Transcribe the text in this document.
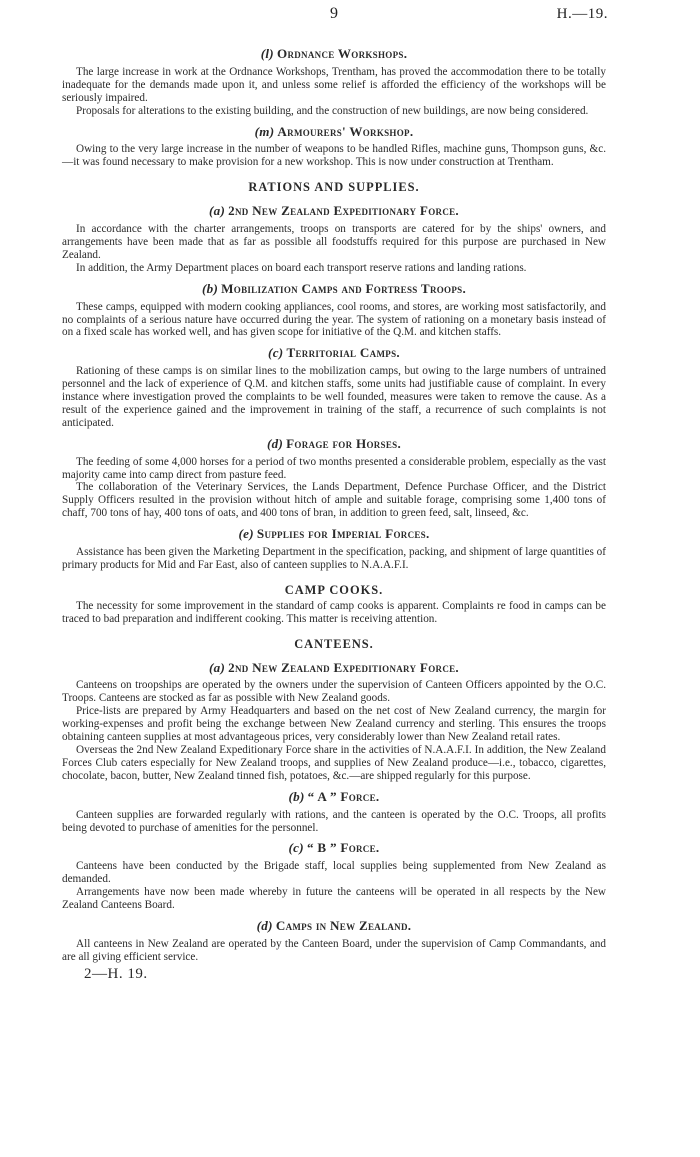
9	H.—19.
(l) Ordnance Workshops.

The large increase in work at the Ordnance Workshops, Trentham, has proved the accommodation there to be totally inadequate for the demands made upon it, and unless some relief is afforded the efficiency of the workshops will be seriously impaired.

Proposals for alterations to the existing building, and the construction of new buildings, are now being considered.

(m) Armourers' Workshop.

Owing to the very large increase in the number of weapons to be handled Rifles, machine guns, Thompson guns, &c.—it was found necessary to make provision for a new workshop. This is now under construction at Trentham.

RATIONS AND SUPPLIES.
(a) 2nd New Zealand Expeditionary Force.

In accordance with the charter arrangements, troops on transports are catered for by the ships' owners, and arrangements have been made that as far as possible all foodstuffs required for this purpose are purchased in New Zealand.

In addition, the Army Department places on board each transport reserve rations and landing rations.

(b) Mobilization Camps and Fortress Troops.

These camps, equipped with modern cooking appliances, cool rooms, and stores, are working most satisfactorily, and no complaints of a serious nature have occurred during the year. The system of rationing on a monetary basis instead of on a fixed scale has worked well, and has given scope for initiative of the Q.M. and kitchen staffs.

(c) Territorial Camps.

Rationing of these camps is on similar lines to the mobilization camps, but owing to the large numbers of untrained personnel and the lack of experience of Q.M. and kitchen staffs, some units had justifiable cause of complaint. In every instance where investigation proved the complaints to be well founded, measures were taken to remove the cause. As a result of the experience gained and the improvement in training of the staff, a recurrence of such complaints is not anticipated.

(d) Forage for Horses.

The feeding of some 4,000 horses for a period of two months presented a considerable problem, especially as the vast majority came into camp direct from pasture feed.

The collaboration of the Veterinary Services, the Lands Department, Defence Purchase Officer, and the District Supply Officers resulted in the provision without hitch of ample and suitable forage, comprising some 1,400 tons of chaff, 700 tons of hay, 400 tons of oats, and 400 tons of bran, in addition to green feed, salt, linseed, &c.

(e) Supplies for Imperial Forces.

Assistance has been given the Marketing Department in the specification, packing, and shipment of large quantities of primary products for Mid and Far East, also of canteen supplies to N.A.A.F.I.

CAMP COOKS.

The necessity for some improvement in the standard of camp cooks is apparent. Complaints re food in camps can be traced to bad preparation and indifferent cooking. This matter is receiving attention.

CANTEENS.
(a) 2nd New Zealand Expeditionary Force.

Canteens on troopships are operated by the owners under the supervision of Canteen Officers appointed by the O.C. Troops. Canteens are stocked as far as possible with New Zealand goods.

Price-lists are prepared by Army Headquarters and based on the net cost of New Zealand currency, the margin for working-expenses and profit being the exchange between New Zealand currency and sterling. This ensures the troops obtaining canteen supplies at most advantageous prices, very considerably lower than New Zealand retail rates.

Overseas the 2nd New Zealand Expeditionary Force share in the activities of N.A.A.F.I. In addition, the New Zealand Forces Club caters especially for New Zealand troops, and supplies of New Zealand produce—i.e., tobacco, cigarettes, chocolate, bacon, butter, New Zealand tinned fish, potatoes, &c.—are shipped regularly for this purpose.

(b) “ A ” Force.

Canteen supplies are forwarded regularly with rations, and the canteen is operated by the O.C. Troops, all profits being devoted to purchase of amenities for the personnel.

(c) “ B ” Force.

Canteens have been conducted by the Brigade staff, local supplies being supplemented from New Zealand as demanded.

Arrangements have now been made whereby in future the canteens will be operated in all respects by the New Zealand Canteens Board.

(d) Camps in New Zealand.

All canteens in New Zealand are operated by the Canteen Board, under the supervision of Camp Commandants, and are all giving efficient service.

2—H. 19.
